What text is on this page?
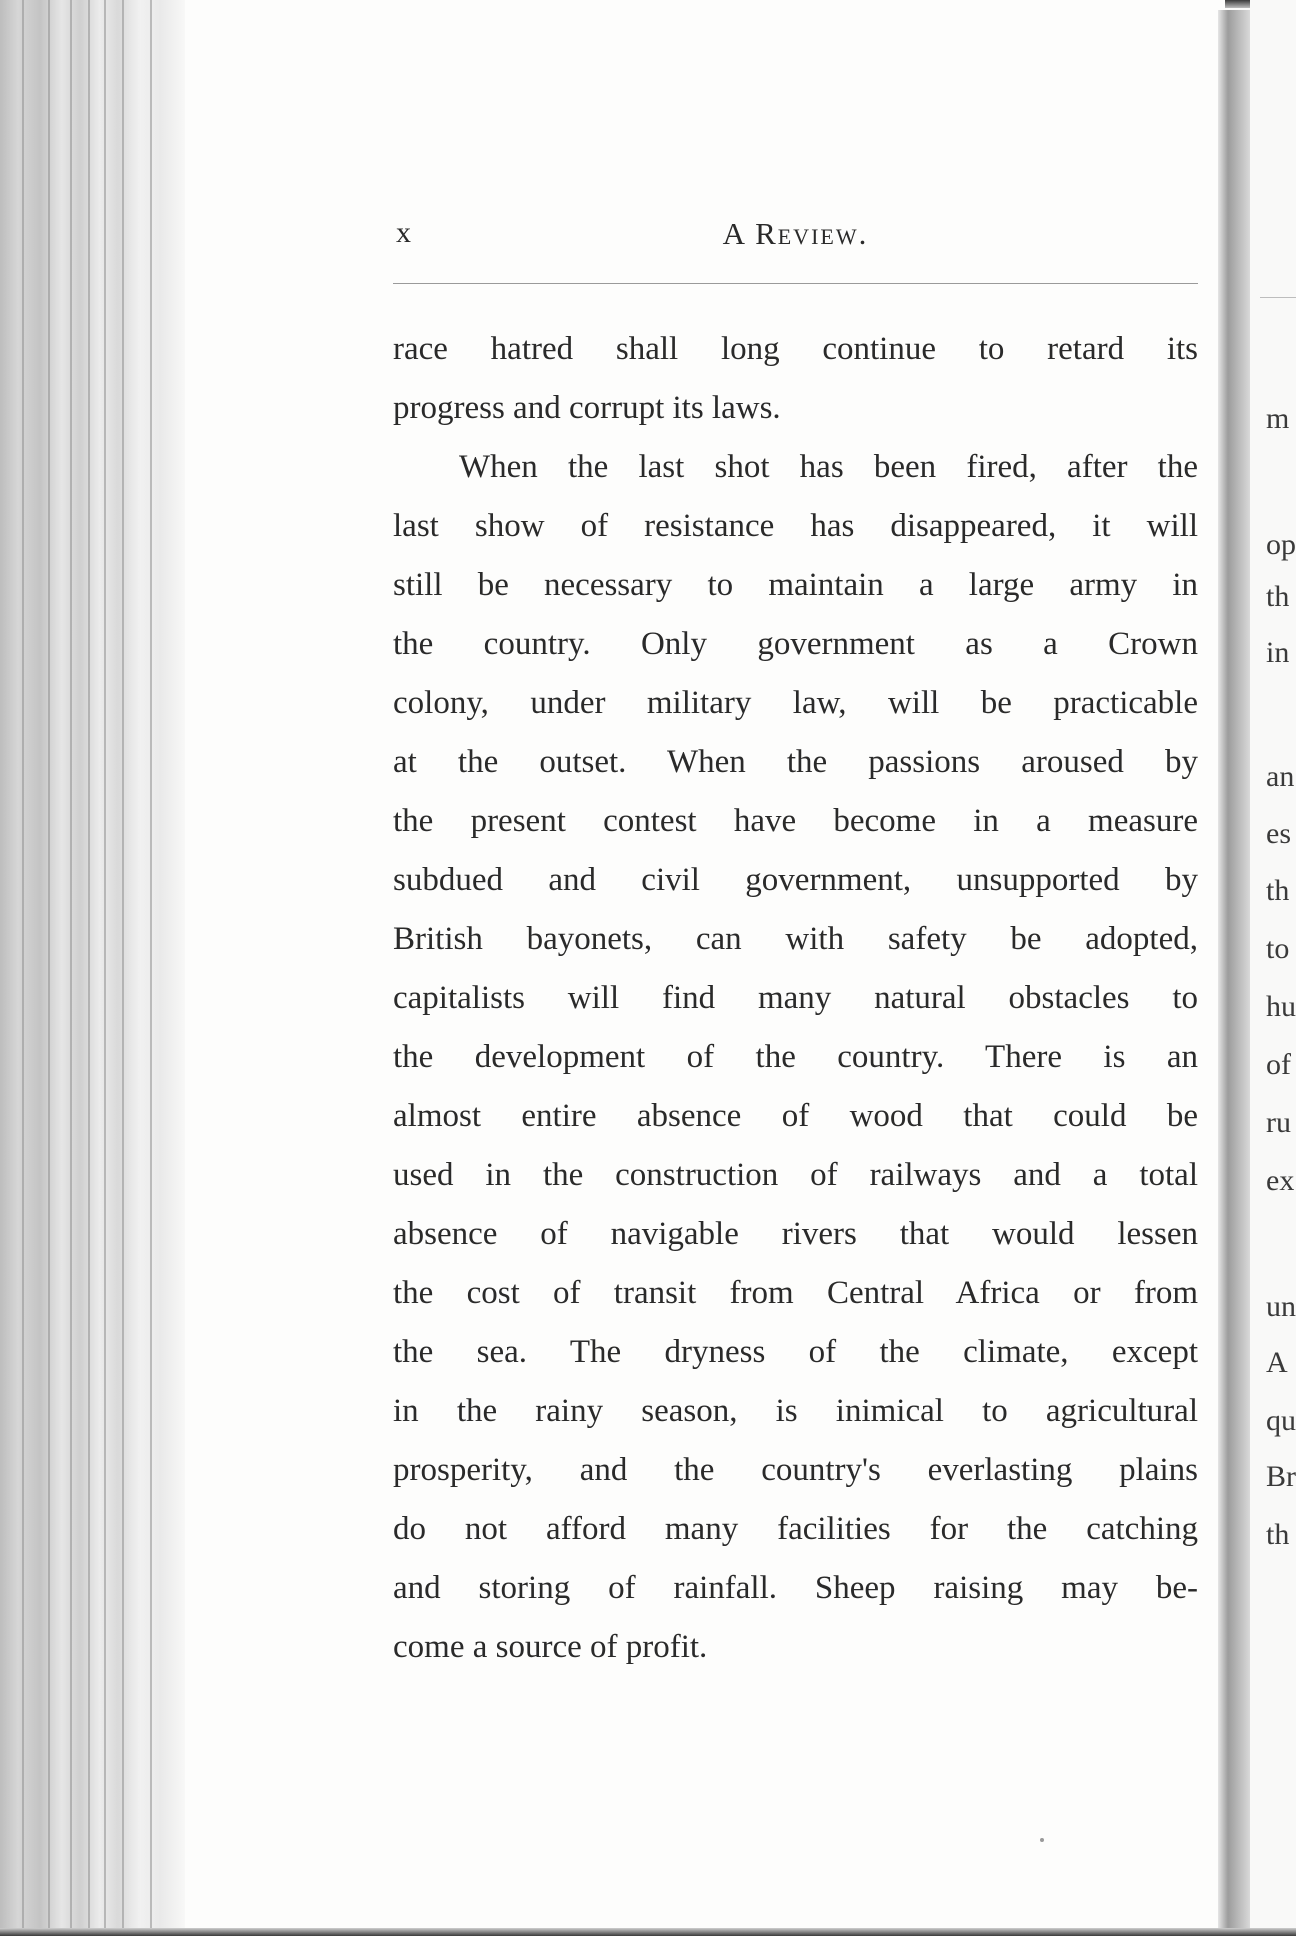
x	A Review.
race hatred shall long continue to retard its
progress and corrupt its laws.
When the last shot has been fired, after the
last show of resistance has disappeared, it will
still be necessary to maintain a large army in
the country. Only government as a Crown
colony, under military law, will be practicable
at the outset. When the passions aroused by
the present contest have become in a measure
subdued and civil government, unsupported by
British bayonets, can with safety be adopted,
capitalists will find many natural obstacles to
the development of the country. There is an
almost entire absence of wood that could be
used in the construction of railways and a total
absence of navigable rivers that would lessen
the cost of transit from Central Africa or from
the sea. The dryness of the climate, except
in the rainy season, is inimical to agricultural
prosperity, and the country's everlasting plains
do not afford many facilities for the catching
and storing of rainfall. Sheep raising may be-
come a source of profit.
m
op
th
in
an
es
th
to
hu
of
ru
ex
un
A
qu
Br
th
